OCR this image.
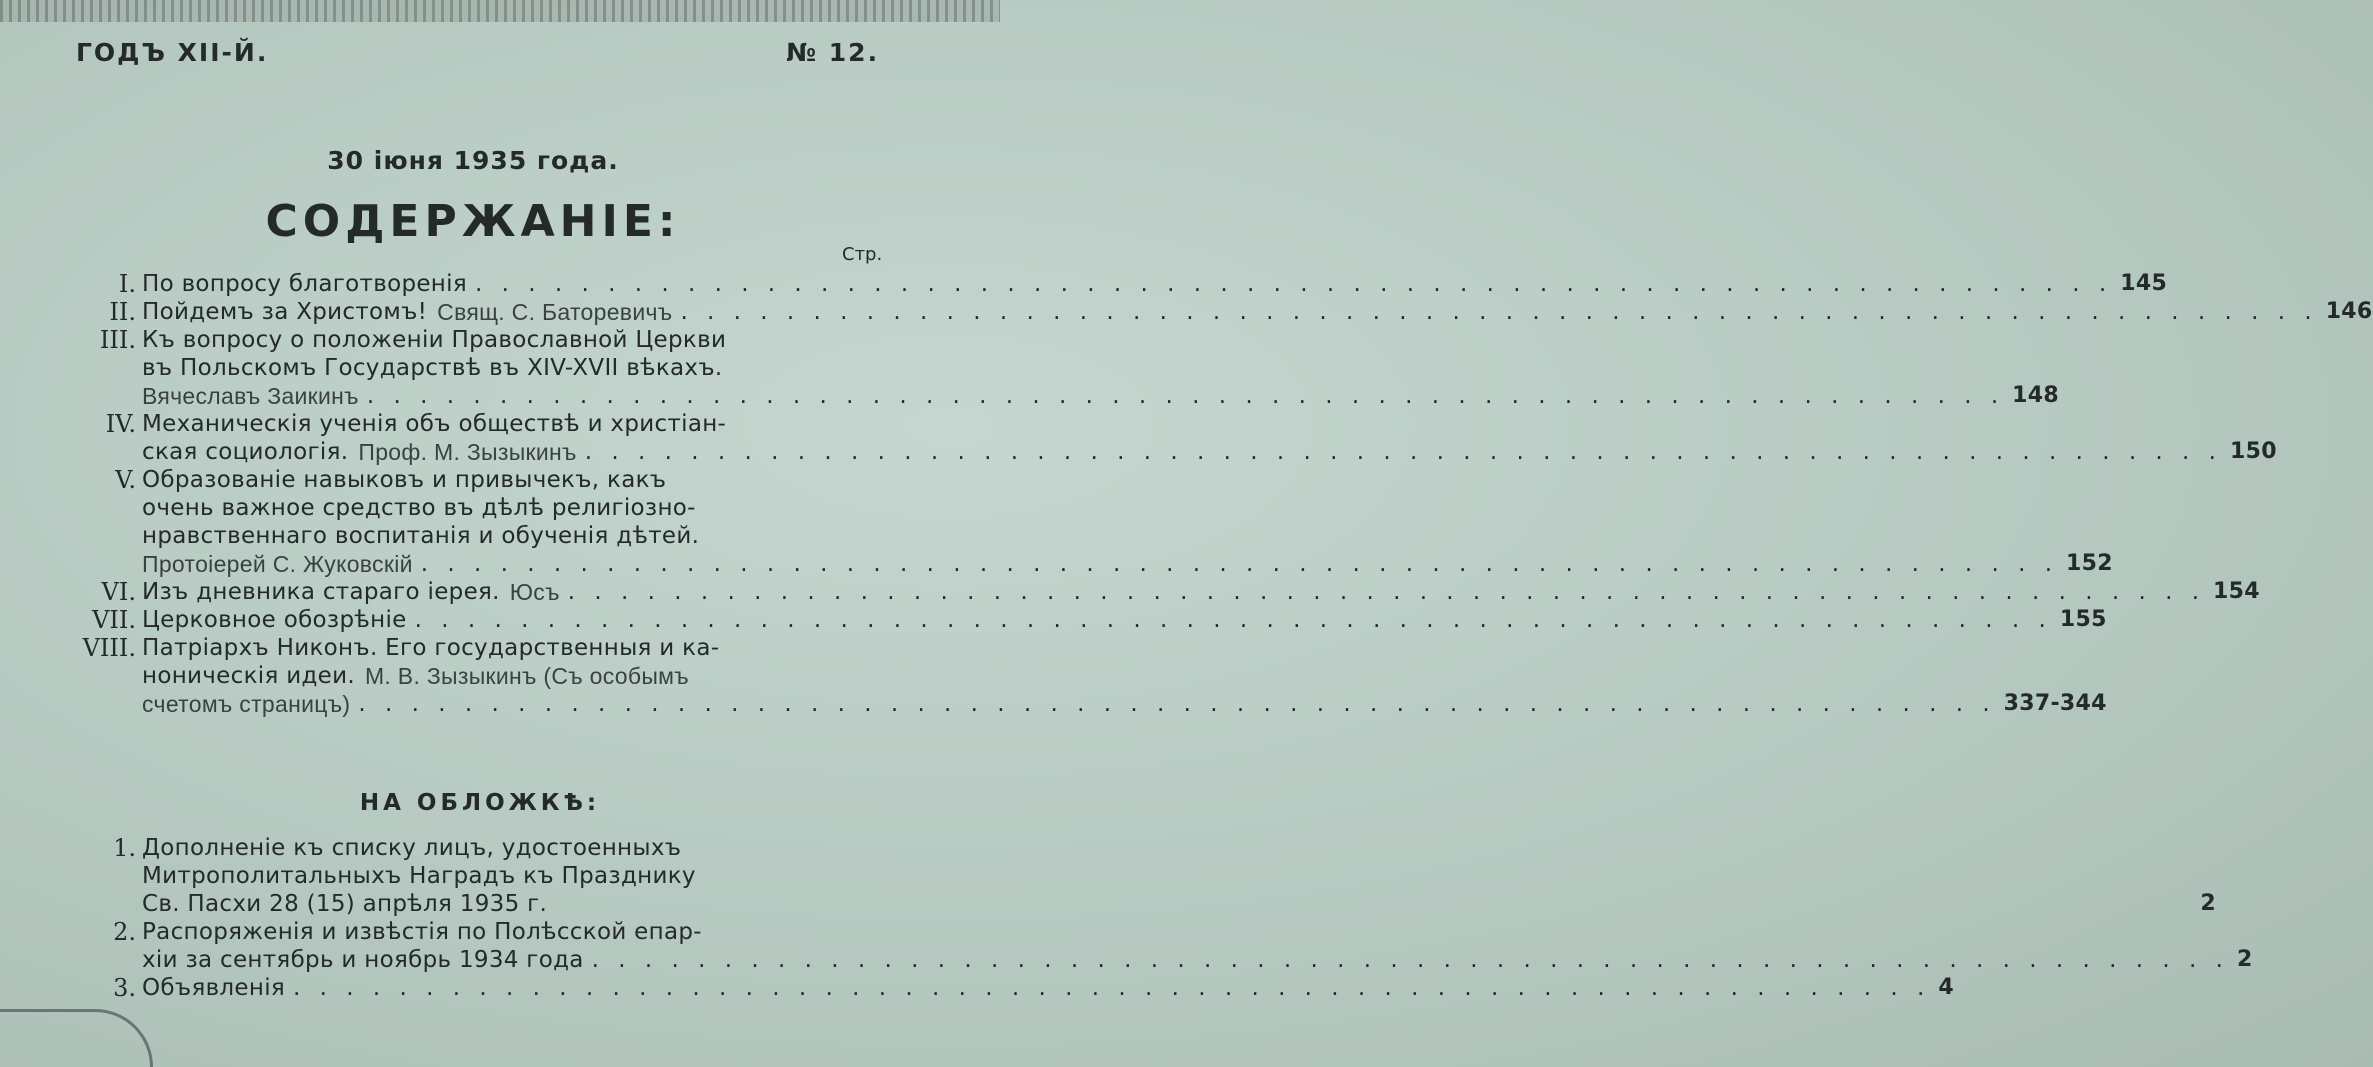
ГОДЪ XII-Й.	№ 12.
30 іюня 1935 года.
СОДЕРЖАНІЕ:
Стр.
I. По вопросу благотворенія . . .	145
II. Пойдемъ за Христомъ! Свящ. С. Баторевичъ . . .	146
III. Къ вопросу о положеніи Православной Церкви
въ Польскомъ Государствѣ въ XIV-XVII вѣкахъ.
Вячеславъ Заикинъ . . .	148
IV. Механическія ученія объ обществѣ и христіан-
ская социологія. Проф. М. Зызыкинъ . . .	150
V. Образованіе навыковъ и привычекъ, какъ
очень важное средство въ дѣлѣ религіозно-
нравственнаго воспитанія и обученія дѣтей.
Протоіерей С. Жуковскій . . .	152
VI. Изъ дневника стараго іерея. Юсъ . . .	154
VII. Церковное обозрѣніе . . .	155
VIII. Патріархъ Никонъ. Его государственныя и ка-
ноническія идеи. М. В. Зызыкинъ (Съ особымъ
счетомъ страницъ) . . .	337-344
НА ОБЛОЖКѢ:
1. Дополненіе къ списку лицъ, удостоенныхъ
Митрополитальныхъ Наградъ къ Празднику
Св. Пасхи 28 (15) апрѣля 1935 г.	2
2. Распоряженія и извѣстія по Полѣсской епар-
хіи за сентябрь и ноябрь 1934 года . . .	2
3. Объявленія . . .	4
